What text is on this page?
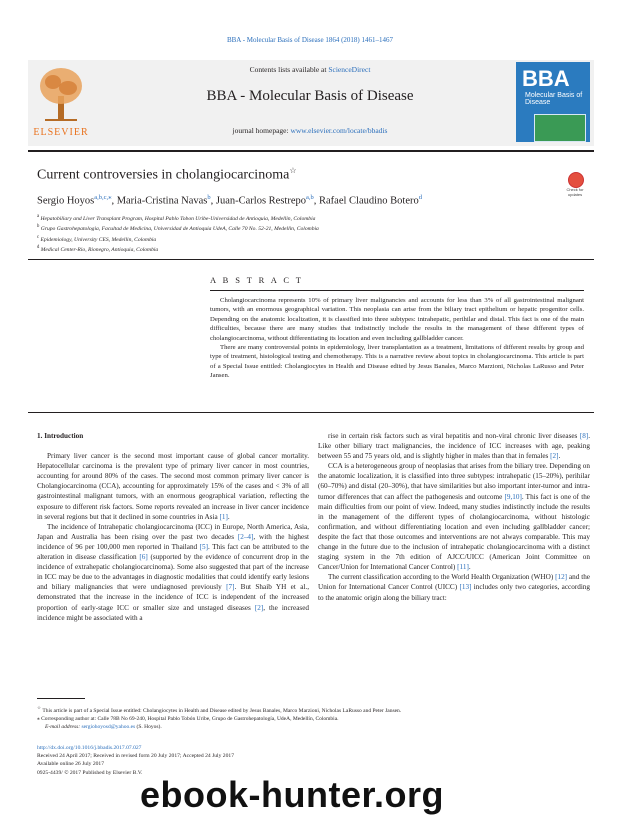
BBA - Molecular Basis of Disease 1864 (2018) 1461–1467
ELSEVIER
Contents lists available at ScienceDirect
BBA - Molecular Basis of Disease
journal homepage: www.elsevier.com/locate/bbadis
BBA
Molecular Basis of Disease
Current controversies in cholangiocarcinoma☆
Check for updates
Sergio Hoyos$^{a,b,c,⁎}$, Maria-Cristina Navas$^b$, Juan-Carlos Restrepo$^{a,b}$, Rafael Claudino Botero$^d$
$^a$ Hepatobiliary and Liver Transplant Program, Hospital Pablo Tobon Uribe-Universidad de Antioquia, Medellin, Colombia
$^b$ Grupo Gastrohepatologia, Facultad de Medicina, Universidad de Antioquia UdeA, Calle 70 No. 52-21, Medellin, Colombia
$^c$ Epidemiology, University CES, Medellin, Colombia
$^d$ Medical Center-Rio, Rionegro, Antioquia, Colombia
A B S T R A C T

Cholangiocarcinoma represents 10% of primary liver malignancies and accounts for less than 3% of all gastrointestinal malignant tumors, with an enormous geographical variation. This neoplasia can arise from the biliary tract epithelium or hepatic progenitor cells. Depending on the anatomic localization, it is classified into three subtypes: intrahepatic, perihilar and distal. This fact is one of the main difficulties, because there are many studies that indistinctly include the results in the management of these different types of cholangiocarcinoma, without differentiating its location and even including gallbladder cancer.

There are many controversial points in epidemiology, liver transplantation as a treatment, limitations of different results by group and type of treatment, histological testing and chemotherapy. This is a narrative review about topics in cholangiocarcinoma. This article is part of a Special Issue entitled: Cholangiocytes in Health and Disease edited by Jesus Banales, Marco Marzioni, Nicholas LaRusso and Peter Jansen.

1. Introduction

Primary liver cancer is the second most important cause of global cancer mortality. Hepatocellular carcinoma is the prevalent type of primary liver cancer in most countries, accounting for around 80% of the cases. The second most common primary liver cancer is Cholangiocarcinoma (CCA), accounting for approximately 15% of the cases and < 3% of all gastrointestinal malignant tumors, with an enormous geographical variation, reflecting the exposure to different risk factors. Some reports revealed an increase in liver cancer incidence in several regions but that it declined in some countries in Asia [1].

The incidence of Intrahepatic cholangiocarcinoma (ICC) in Europe, North America, Asia, Japan and Australia has been rising over the past two decades [2–4], with the highest incidence of 96 per 100,000 men reported in Thailand [5]. This fact can be attributed to the alteration in disease classification [6] (supported by the evidence of concurrent drop in the incidence of extrahepatic cholangiocarcinoma). Some also suggested that part of the increase in ICC may be due to the advantages in diagnostic modalities that could identify early lesions and biliary malignancies that were undiagnosed previously [7]. But Shaib YH et al., demonstrated that the increase in the incidence of ICC is independent of the increased proportion of early-stage ICC or smaller size and unstaged diseases [2], the increased incidence might be associated with a

rise in certain risk factors such as viral hepatitis and non-viral chronic liver diseases [8]. Like other biliary tract malignancies, the incidence of ICC increases with age, peaking between 55 and 75 years old, and is slightly higher in males than that in females [2].

CCA is a heterogeneous group of neoplasias that arises from the biliary tree. Depending on the anatomic localization, it is classified into three subtypes: intrahepatic (15–20%), perihilar (60–70%) and distal (20–30%), that have similarities but also important inter-tumor and intra-tumor differences that can affect the pathogenesis and outcome [9,10]. This fact is one of the main difficulties from our point of view. Indeed, many studies indistinctly include the results in the management of the different types of cholangiocarcinoma, without histologic confirmation, and without differentiating location and even including gallbladder cancer; despite the fact that those outcomes and interventions are not always comparable. This may change in the future due to the inclusion of intrahepatic cholangiocarcinoma with a distinct staging system in the 7th edition of AJCC/UICC (American Joint Committee on Cancer/Union for International Cancer Control) [11].

The current classification according to the World Health Organization (WHO) [12] and the Union for International Cancer Control (UICC) [13] includes only two categories, according to the anatomic origin along the biliary tract:

☆ This article is part of a Special Issue entitled: Cholangiocytes in Health and Disease edited by Jesus Banales, Marco Marzioni, Nicholas LaRusso and Peter Jansen.
⁎ Corresponding author at: Calle 78B No 69-240, Hospital Pablo Tobón Uribe, Grupo de Gastrohepatología, UdeA, Medellín, Colombia.
E-mail address: sergiohoyosd@yahoo.es (S. Hoyos).
http://dx.doi.org/10.1016/j.bbadis.2017.07.027
Received 24 April 2017; Received in revised form 20 July 2017; Accepted 24 July 2017
Available online 26 July 2017
0925-4439/ © 2017 Published by Elsevier B.V.
ebook-hunter.org
